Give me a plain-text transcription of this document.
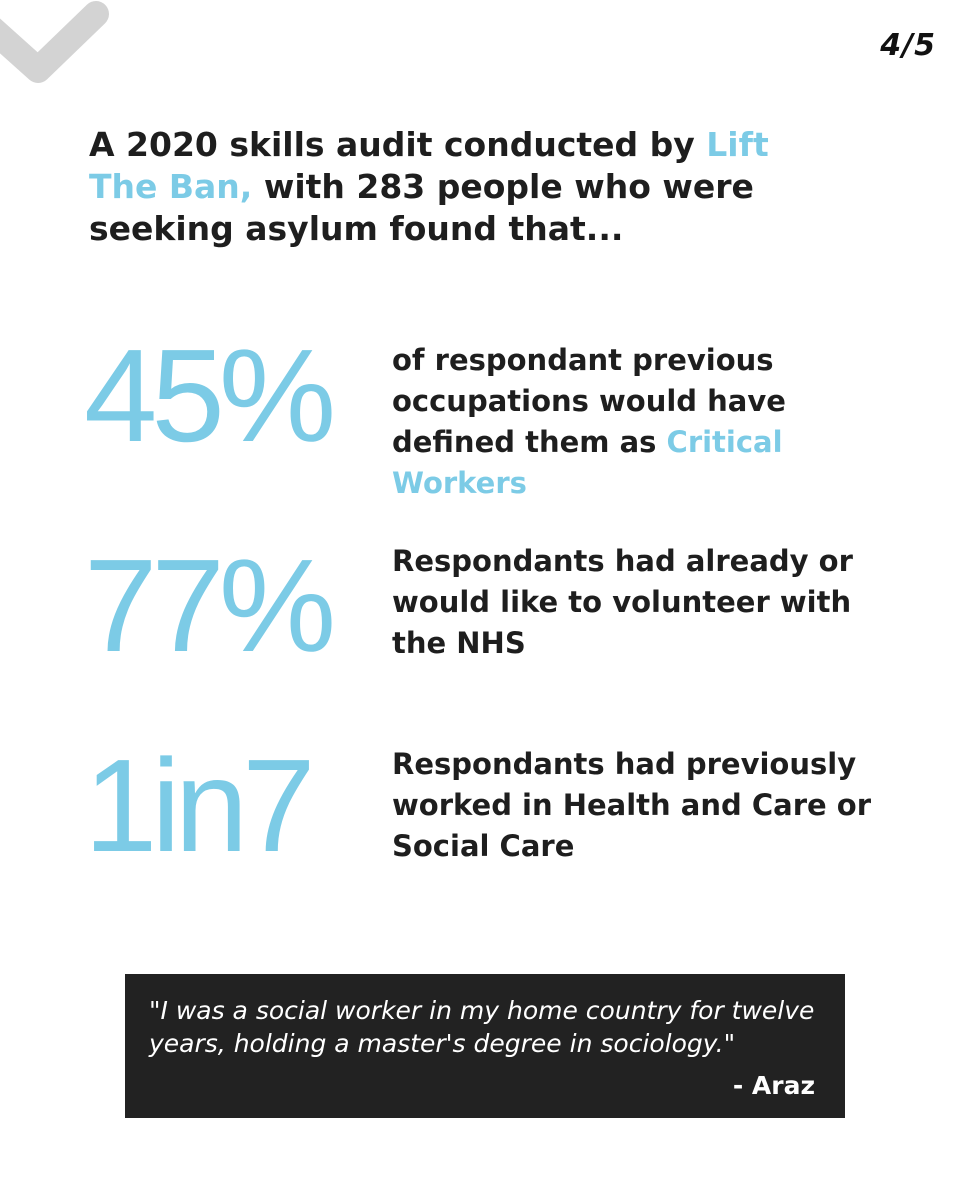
4/5
A 2020 skills audit conducted by Lift The Ban, with 283 people who were seeking asylum found that...
45%	of respondant previous occupations would have defined them as Critical Workers
77%	Respondants had already or would like to volunteer with the NHS
1in7	Respondants had previously worked in Health and Care or Social Care
"I was a social worker in my home country for twelve years, holding a master's degree in sociology."
- Araz
